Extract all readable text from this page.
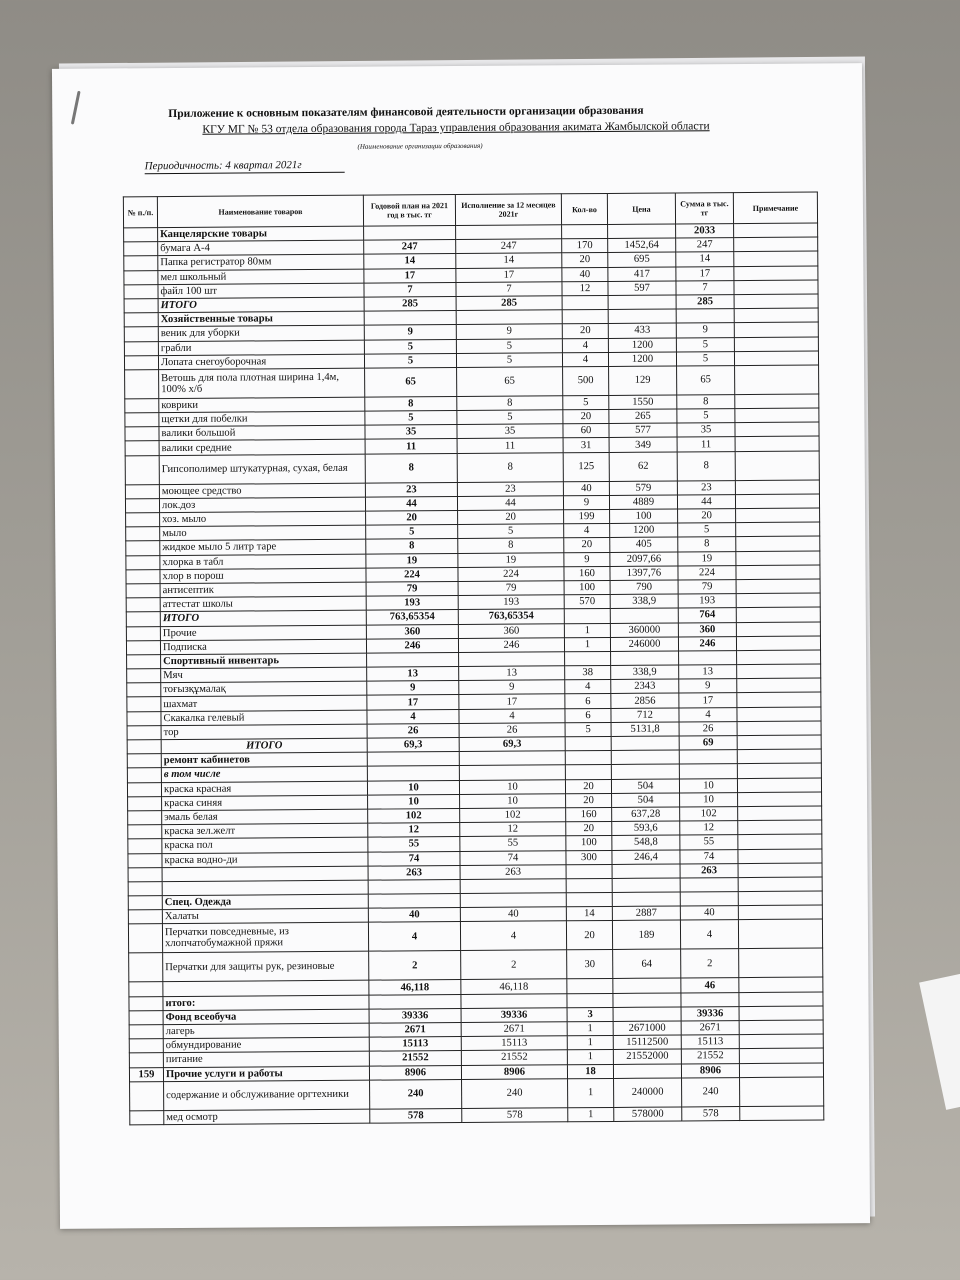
Приложение к основным показателям финансовой деятельности организации образования
КГУ МГ № 53 отдела образования города Тараз управления образования акимата Жамбылской области
(Наименование организации образования)
Периодичность: 4 квартал 2021г
№ п./п.	Наименование товаров	Годовой план на 2021 год в тыс. тг	Исполнение за 12 месяцев 2021г	Кол-во	Цена	Сумма в тыс. тг	Примечание
	Канцелярские товары					2033	
	бумага А-4	247	247	170	1452,64	247	
	Папка регистратор 80мм	14	14	20	695	14	
	мел школьный	17	17	40	417	17	
	файл 100 шт	7	7	12	597	7	
	ИТОГО	285	285			285	
	Хозяйственные товары						
	веник для уборки	9	9	20	433	9	
	грабли	5	5	4	1200	5	
	Лопата снегоуборочная	5	5	4	1200	5	
	Ветошь для пола плотная ширина 1,4м, 100% х/б	65	65	500	129	65	
	коврики	8	8	5	1550	8	
	щетки для побелки	5	5	20	265	5	
	валики большой	35	35	60	577	35	
	валики средние	11	11	31	349	11	
	Гипсополимер штукатурная, сухая, белая	8	8	125	62	8	
	моющее средство	23	23	40	579	23	
	лок.доз	44	44	9	4889	44	
	хоз. мыло	20	20	199	100	20	
	мыло	5	5	4	1200	5	
	жидкое мыло 5 литр таре	8	8	20	405	8	
	хлорка в табл	19	19	9	2097,66	19	
	хлор в порош	224	224	160	1397,76	224	
	антисептик	79	79	100	790	79	
	аттестат школы	193	193	570	338,9	193	
	ИТОГО	763,65354	763,65354			764	
	Прочие	360	360	1	360000	360	
	Подписка	246	246	1	246000	246	
	Спортивный инвентарь						
	Мяч	13	13	38	338,9	13	
	тоғызқұмалақ	9	9	4	2343	9	
	шахмат	17	17	6	2856	17	
	Скакалка гелевый	4	4	6	712	4	
	тор	26	26	5	5131,8	26	
	ИТОГО	69,3	69,3			69	
	ремонт кабинетов						
	в том числе						
	краска красная	10	10	20	504	10	
	краска синяя	10	10	20	504	10	
	эмаль белая	102	102	160	637,28	102	
	краска зел.желт	12	12	20	593,6	12	
	краска пол	55	55	100	548,8	55	
	краска водно-ди	74	74	300	246,4	74	
		263	263			263	

	Спец. Одежда						
	Халаты	40	40	14	2887	40	
	Перчатки повседневные, из хлопчатобумажной пряжи	4	4	20	189	4	
	Перчатки для защиты рук, резиновые	2	2	30	64	2	
		46,118	46,118			46	
	итого:						
	Фонд всеобуча	39336	39336	3		39336	
	лагерь	2671	2671	1	2671000	2671	
	обмундирование	15113	15113	1	15112500	15113	
	питание	21552	21552	1	21552000	21552	
159	Прочие услуги и работы	8906	8906	18		8906	
	содержание и обслуживание оргтехники	240	240	1	240000	240	
	мед осмотр	578	578	1	578000	578	
